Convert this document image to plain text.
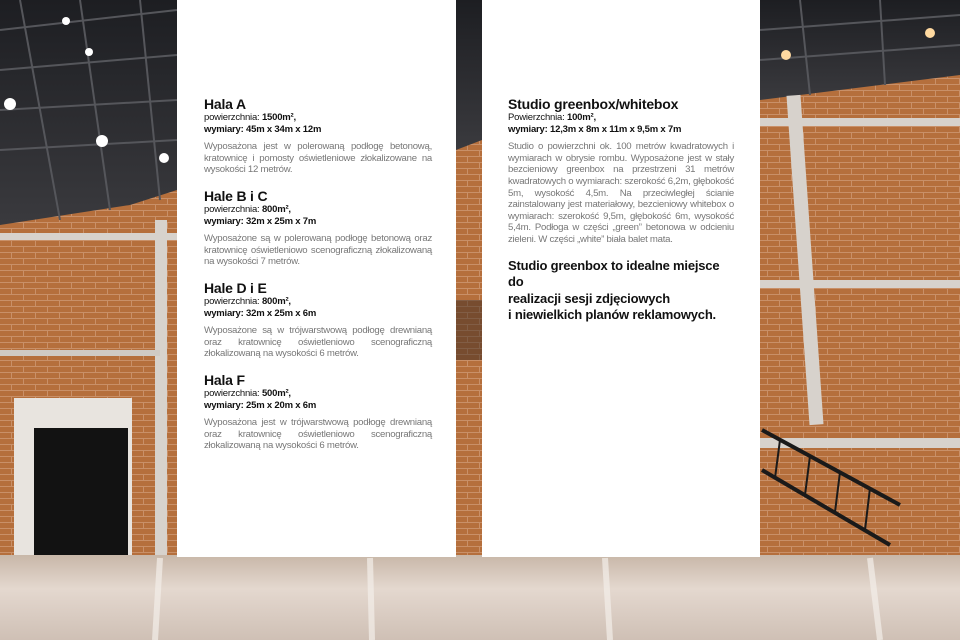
Hala A
powierzchnia: 1500m²,
wymiary: 45m x 34m x 12m
Wyposażona jest w polerowaną podłogę betonową, kratownicę i pomosty oświetleniowe złokalizowane na wysokości 12 metrów.
Hale B i C
powierzchnia: 800m²,
wymiary: 32m x 25m x 7m
Wyposażone są w polerowaną podłogę betonową oraz kratownicę oświetleniowo scenograficzną złokalizowaną na wysokości 7 metrów.
Hale D i E
powierzchnia: 800m²,
wymiary: 32m x 25m x 6m
Wyposażone są w trójwarstwową podłogę drewnianą oraz kratownicę oświetleniowo scenograficzną złokalizowaną na wysokości 6 metrów.
Hala F
powierzchnia: 500m²,
wymiary: 25m x 20m x 6m
Wyposażona jest w trójwarstwową podłogę drewnianą oraz kratownicę oświetleniowo scenograficzną złokalizowaną na wysokości 6 metrów.
Studio greenbox/whitebox
Powierzchnia: 100m²,
wymiary: 12,3m x 8m x 11m x 9,5m x 7m
Studio o powierzchni ok. 100 metrów kwadratowych i wymiarach w obrysie rombu. Wyposażone jest w stały bezcieniowy greenbox na przestrzeni 31 metrów kwadratowych o wymiarach: szerokość 6,2m, głębokość 5m, wysokość 4,5m. Na przeciwległej ścianie zainstalowany jest materiałowy, bezcieniowy whitebox o wymiarach: szerokość 9,5m, głębokość 6m, wysokość 5,4m. Podłoga w części „green” betonowa w odcieniu zieleni. W części „white” biała balet mata.
Studio greenbox to idealne miejsce do
realizacji sesji zdjęciowych
i niewielkich planów reklamowych.
